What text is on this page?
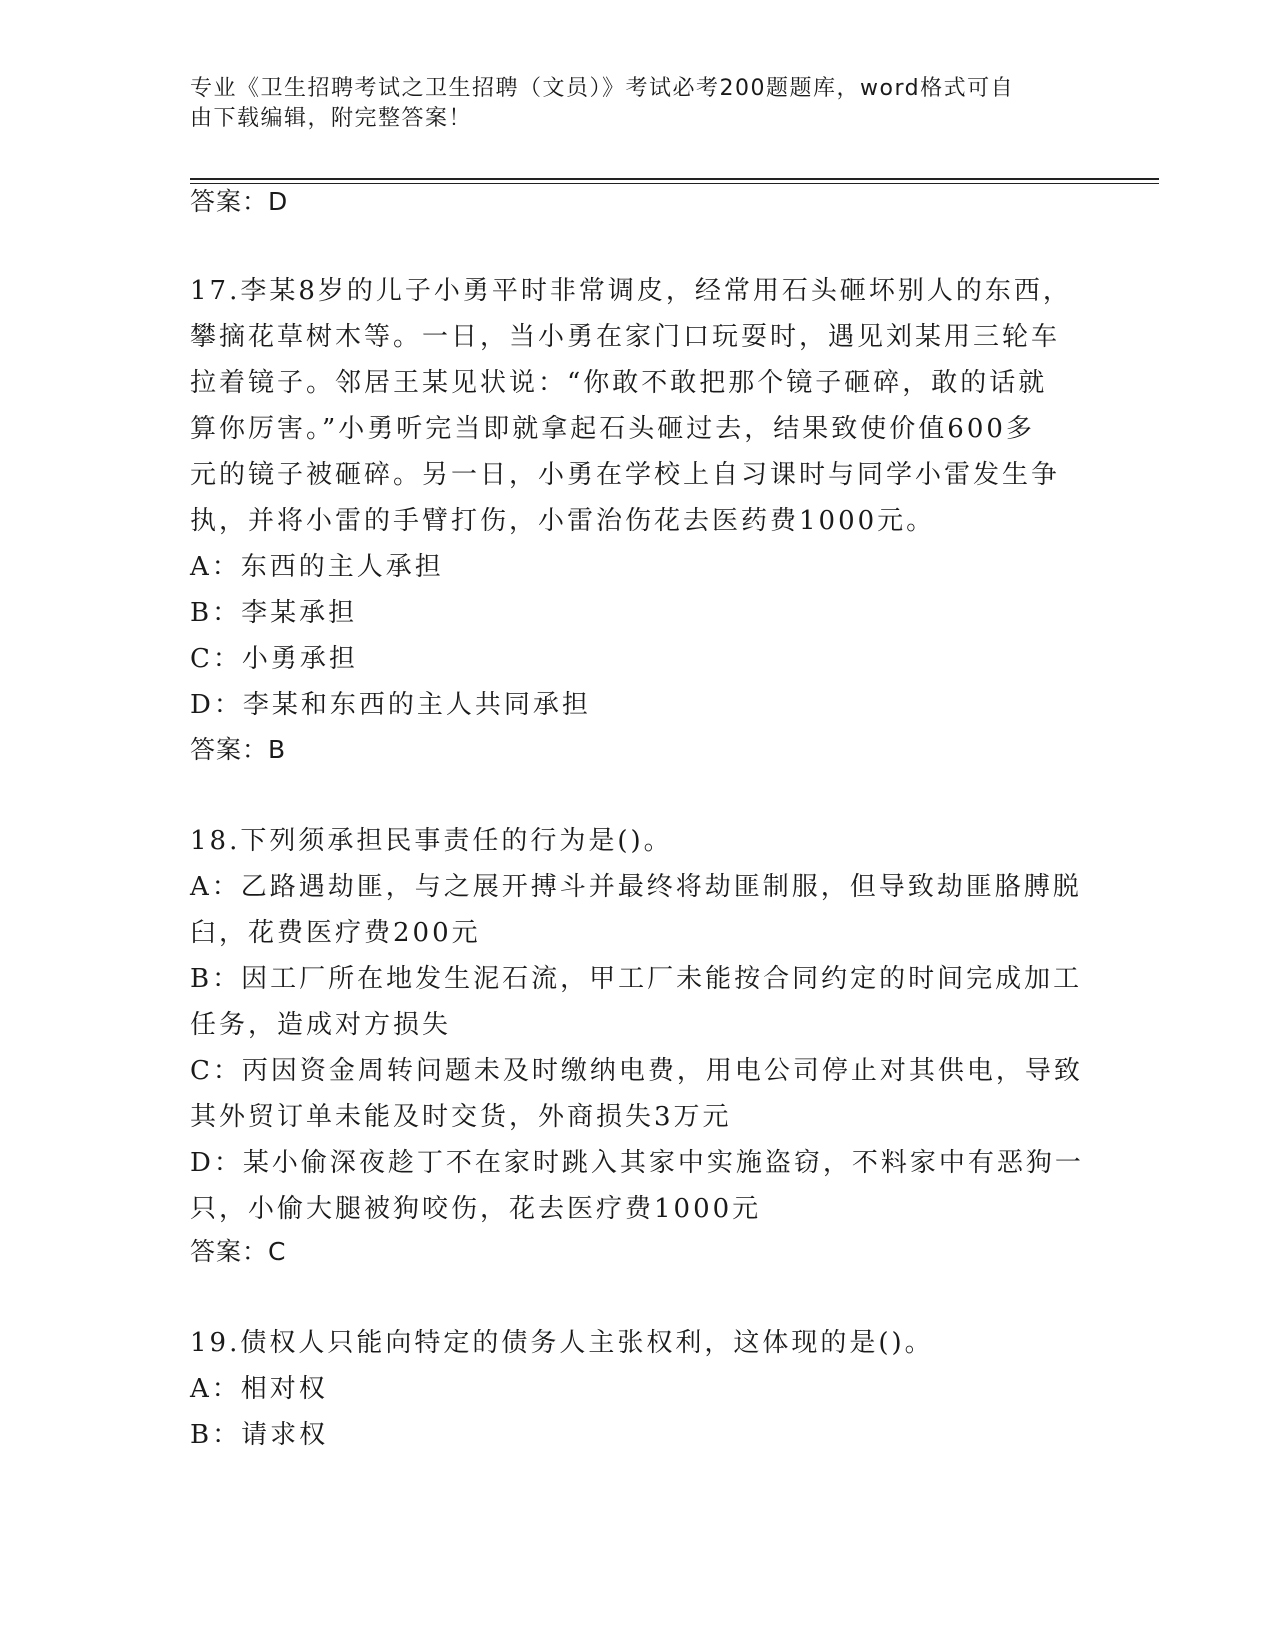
专业《卫生招聘考试之卫生招聘（文员）》考试必考200题题库，word格式可自
由下载编辑，附完整答案！
答案：D
17.李某8岁的儿子小勇平时非常调皮，经常用石头砸坏别人的东西，
攀摘花草树木等。一日，当小勇在家门口玩耍时，遇见刘某用三轮车
拉着镜子。邻居王某见状说：“你敢不敢把那个镜子砸碎，敢的话就
算你厉害。”小勇听完当即就拿起石头砸过去，结果致使价值600多
元的镜子被砸碎。另一日，小勇在学校上自习课时与同学小雷发生争
执，并将小雷的手臂打伤，小雷治伤花去医药费1000元。
A：东西的主人承担
B：李某承担
C：小勇承担
D：李某和东西的主人共同承担
答案：B
18.下列须承担民事责任的行为是()。
A：乙路遇劫匪，与之展开搏斗并最终将劫匪制服，但导致劫匪胳膊脱
臼，花费医疗费200元
B：因工厂所在地发生泥石流，甲工厂未能按合同约定的时间完成加工
任务，造成对方损失
C：丙因资金周转问题未及时缴纳电费，用电公司停止对其供电，导致
其外贸订单未能及时交货，外商损失3万元
D：某小偷深夜趁丁不在家时跳入其家中实施盗窃，不料家中有恶狗一
只，小偷大腿被狗咬伤，花去医疗费1000元
答案：C
19.债权人只能向特定的债务人主张权利，这体现的是()。
A：相对权
B：请求权
